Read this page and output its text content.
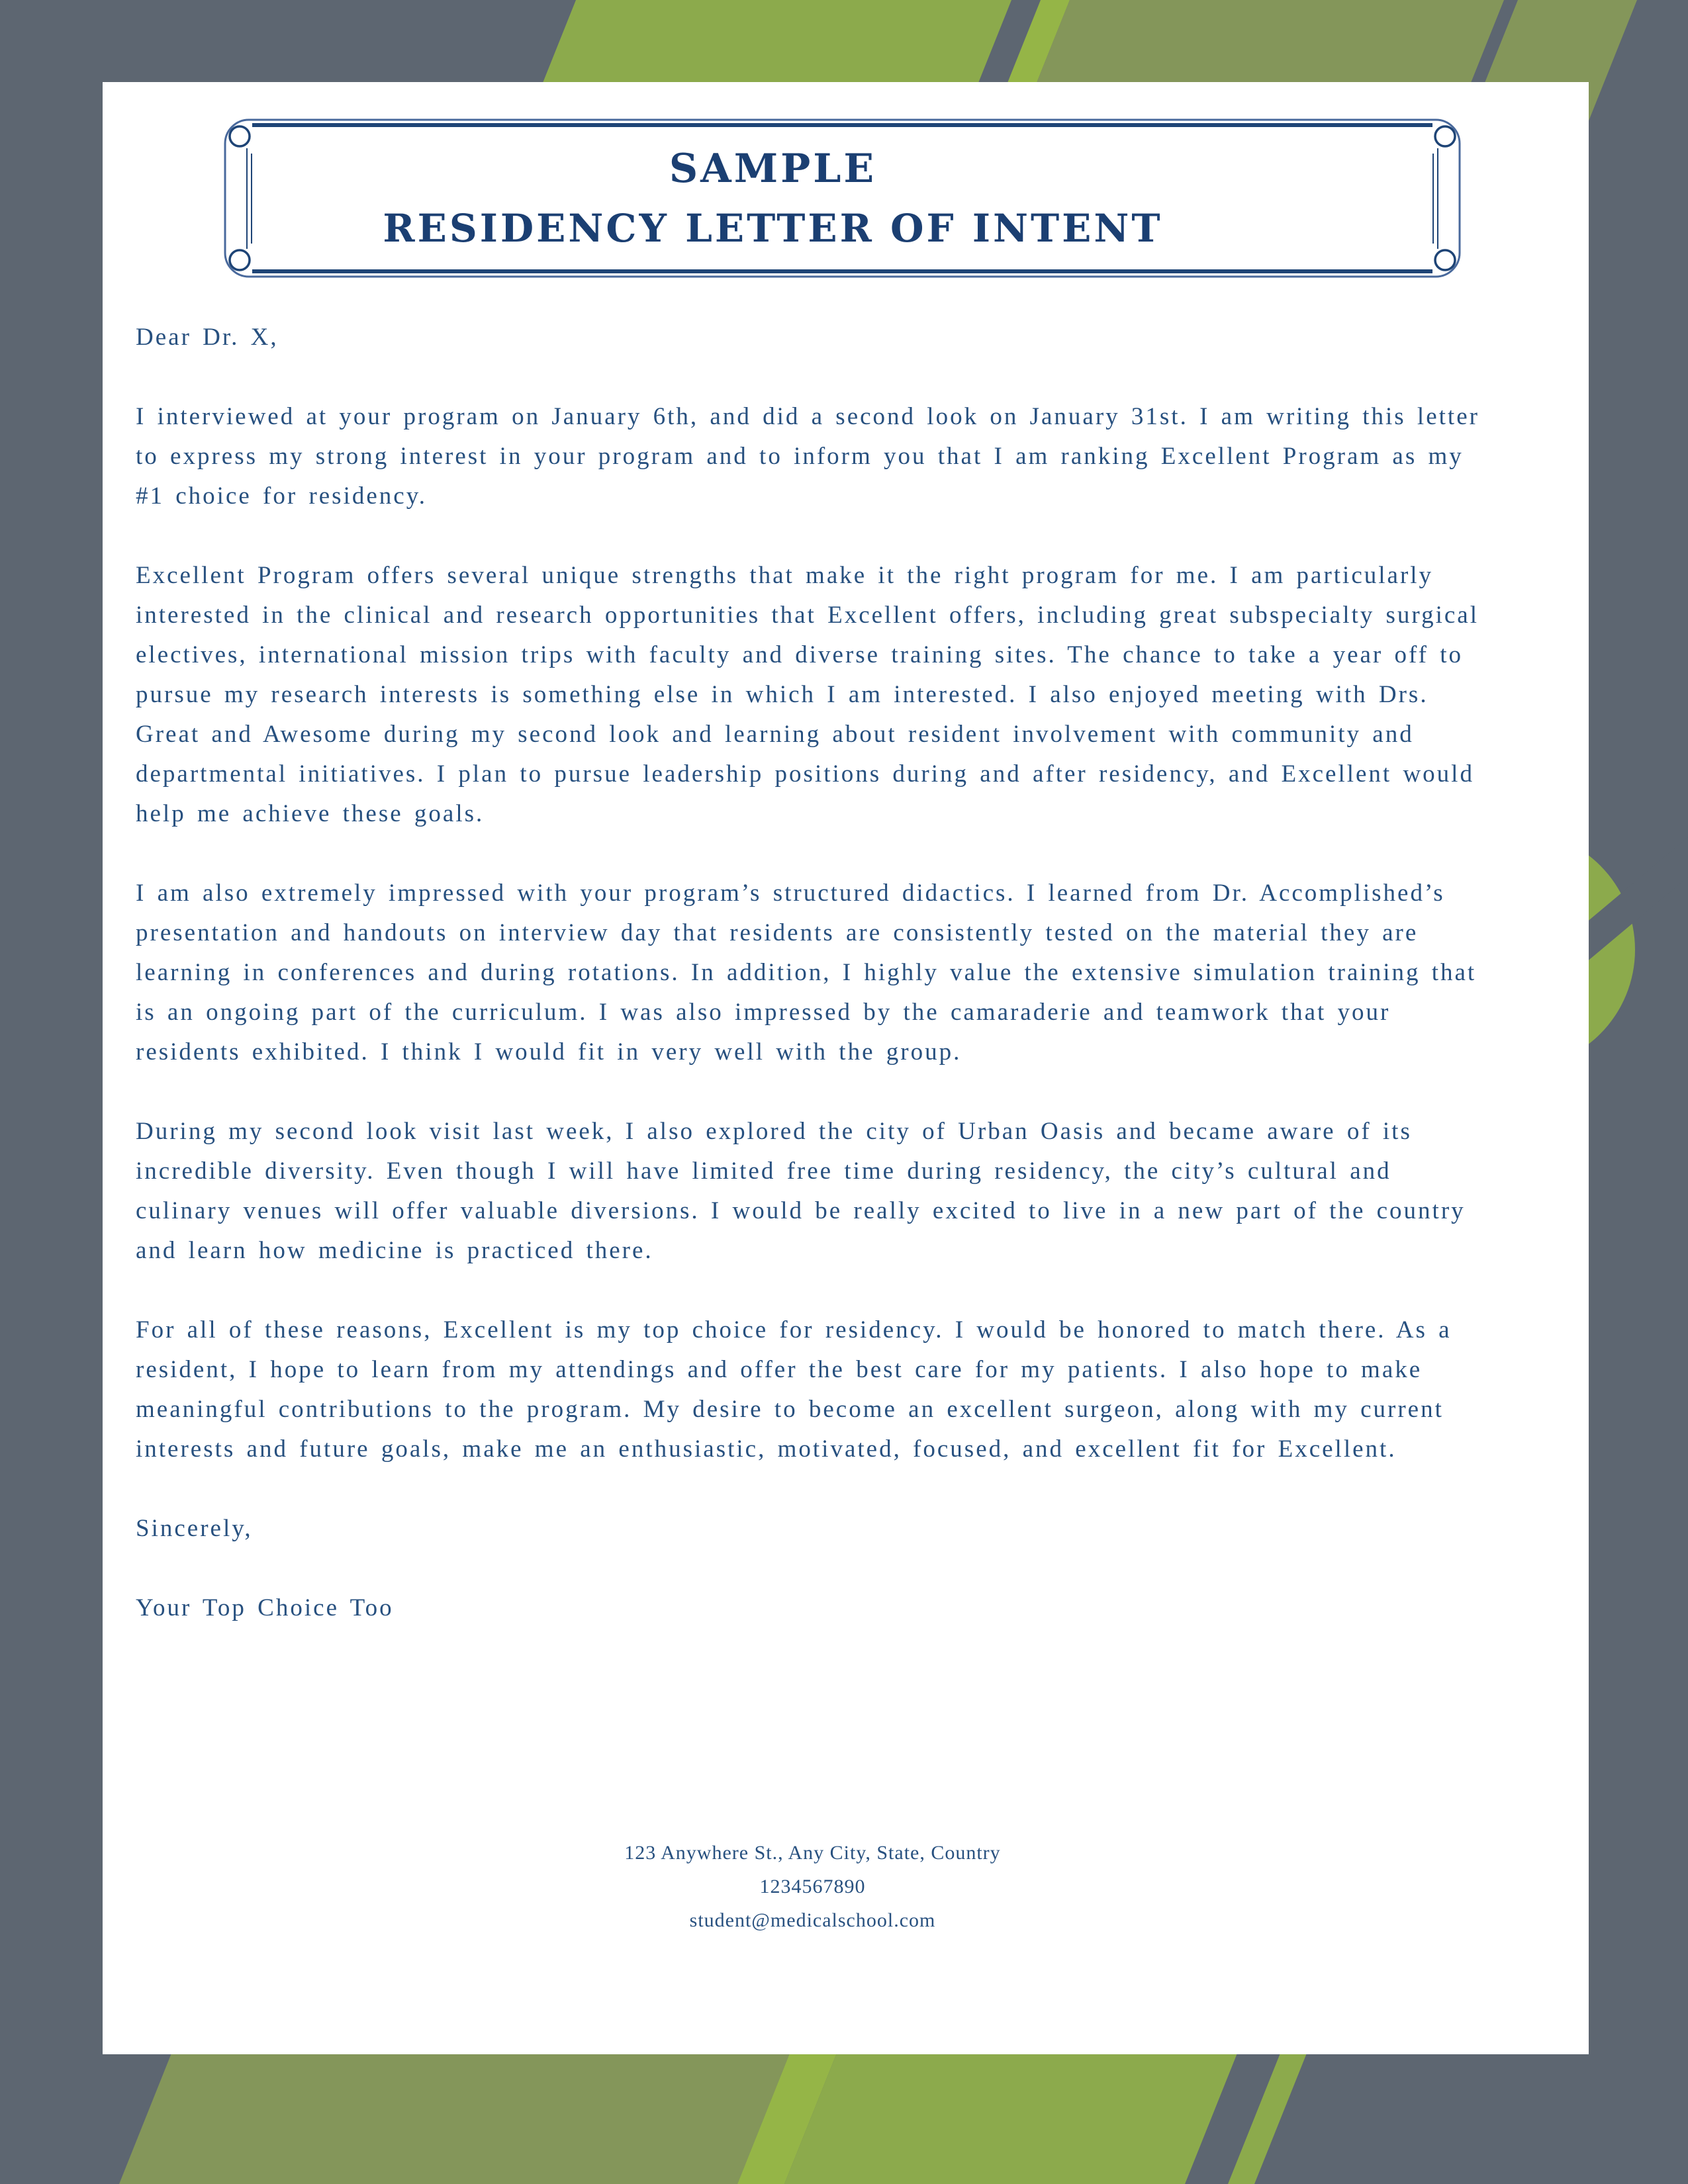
SAMPLE
RESIDENCY LETTER OF INTENT

Dear Dr. X,

I interviewed at your program on January 6th, and did a second look on January 31st. I am writing this letter to express my strong interest in your program and to inform you that I am ranking Excellent Program as my #1 choice for residency.

Excellent Program offers several unique strengths that make it the right program for me. I am particularly interested in the clinical and research opportunities that Excellent offers, including great subspecialty surgical electives, international mission trips with faculty and diverse training sites. The chance to take a year off to pursue my research interests is something else in which I am interested. I also enjoyed meeting with Drs. Great and Awesome during my second look and learning about resident involvement with community and departmental initiatives. I plan to pursue leadership positions during and after residency, and Excellent would help me achieve these goals.

I am also extremely impressed with your program’s structured didactics. I learned from Dr. Accomplished’s presentation and handouts on interview day that residents are consistently tested on the material they are learning in conferences and during rotations. In addition, I highly value the extensive simulation training that is an ongoing part of the curriculum. I was also impressed by the camaraderie and teamwork that your residents exhibited. I think I would fit in very well with the group.

During my second look visit last week, I also explored the city of Urban Oasis and became aware of its incredible diversity. Even though I will have limited free time during residency, the city’s cultural and culinary venues will offer valuable diversions. I would be really excited to live in a new part of the country and learn how medicine is practiced there.

For all of these reasons, Excellent is my top choice for residency. I would be honored to match there. As a resident, I hope to learn from my attendings and offer the best care for my patients. I also hope to make meaningful contributions to the program. My desire to become an excellent surgeon, along with my current interests and future goals, make me an enthusiastic, motivated, focused, and excellent fit for Excellent.

Sincerely,

Your Top Choice Too

123 Anywhere St., Any City, State, Country
1234567890
student@medicalschool.com
